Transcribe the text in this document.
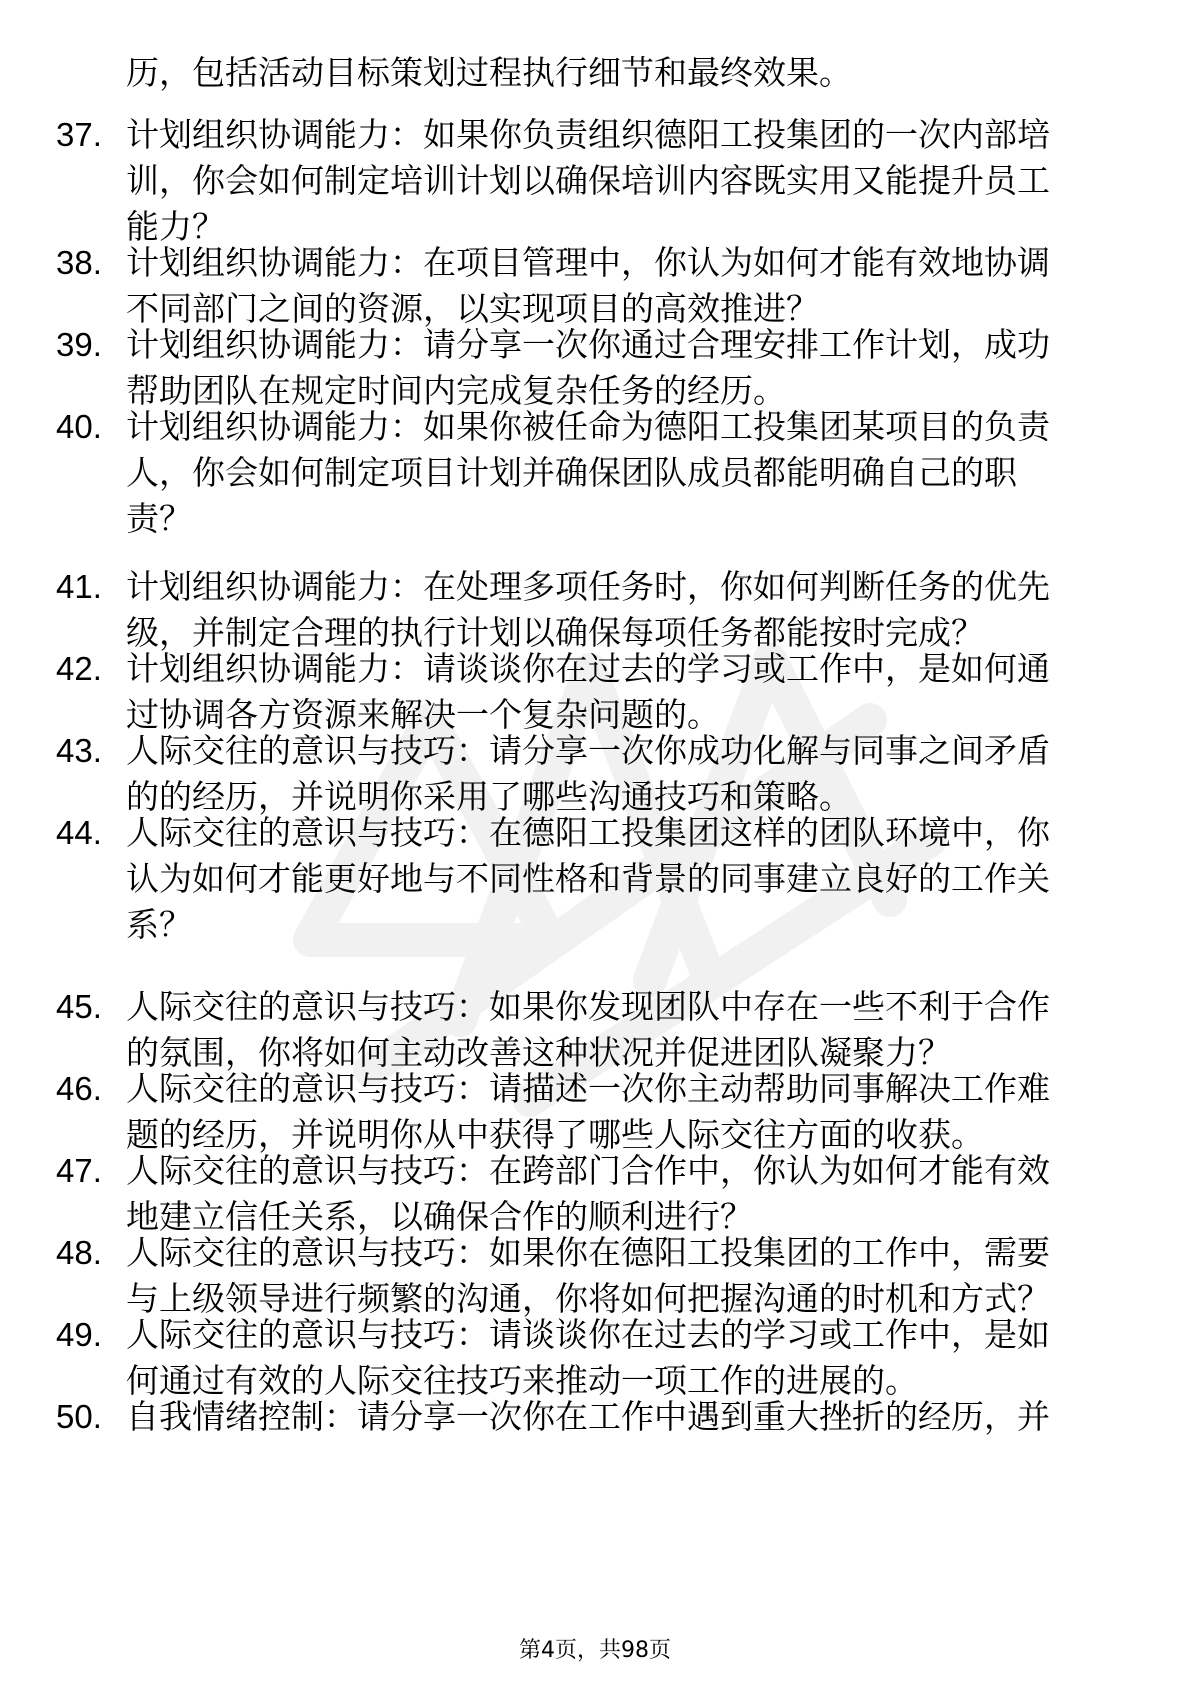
历，包括活动目标策划过程执行细节和最终效果。
37. 计划组织协调能力：如果你负责组织德阳工投集团的一次内部培
训，你会如何制定培训计划以确保培训内容既实用又能提升员工
能力？
38. 计划组织协调能力：在项目管理中，你认为如何才能有效地协调
不同部门之间的资源，以实现项目的高效推进？
39. 计划组织协调能力：请分享一次你通过合理安排工作计划，成功
帮助团队在规定时间内完成复杂任务的经历。
40. 计划组织协调能力：如果你被任命为德阳工投集团某项目的负责
人，你会如何制定项目计划并确保团队成员都能明确自己的职
责？
41. 计划组织协调能力：在处理多项任务时，你如何判断任务的优先
级，并制定合理的执行计划以确保每项任务都能按时完成？
42. 计划组织协调能力：请谈谈你在过去的学习或工作中，是如何通
过协调各方资源来解决一个复杂问题的。
43. 人际交往的意识与技巧：请分享一次你成功化解与同事之间矛盾
的的经历，并说明你采用了哪些沟通技巧和策略。
44. 人际交往的意识与技巧：在德阳工投集团这样的团队环境中，你
认为如何才能更好地与不同性格和背景的同事建立良好的工作关
系？
45. 人际交往的意识与技巧：如果你发现团队中存在一些不利于合作
的氛围，你将如何主动改善这种状况并促进团队凝聚力？
46. 人际交往的意识与技巧：请描述一次你主动帮助同事解决工作难
题的经历，并说明你从中获得了哪些人际交往方面的收获。
47. 人际交往的意识与技巧：在跨部门合作中，你认为如何才能有效
地建立信任关系，以确保合作的顺利进行？
48. 人际交往的意识与技巧：如果你在德阳工投集团的工作中，需要
与上级领导进行频繁的沟通，你将如何把握沟通的时机和方式？
49. 人际交往的意识与技巧：请谈谈你在过去的学习或工作中，是如
何通过有效的人际交往技巧来推动一项工作的进展的。
50. 自我情绪控制：请分享一次你在工作中遇到重大挫折的经历，并
第4页，共98页
